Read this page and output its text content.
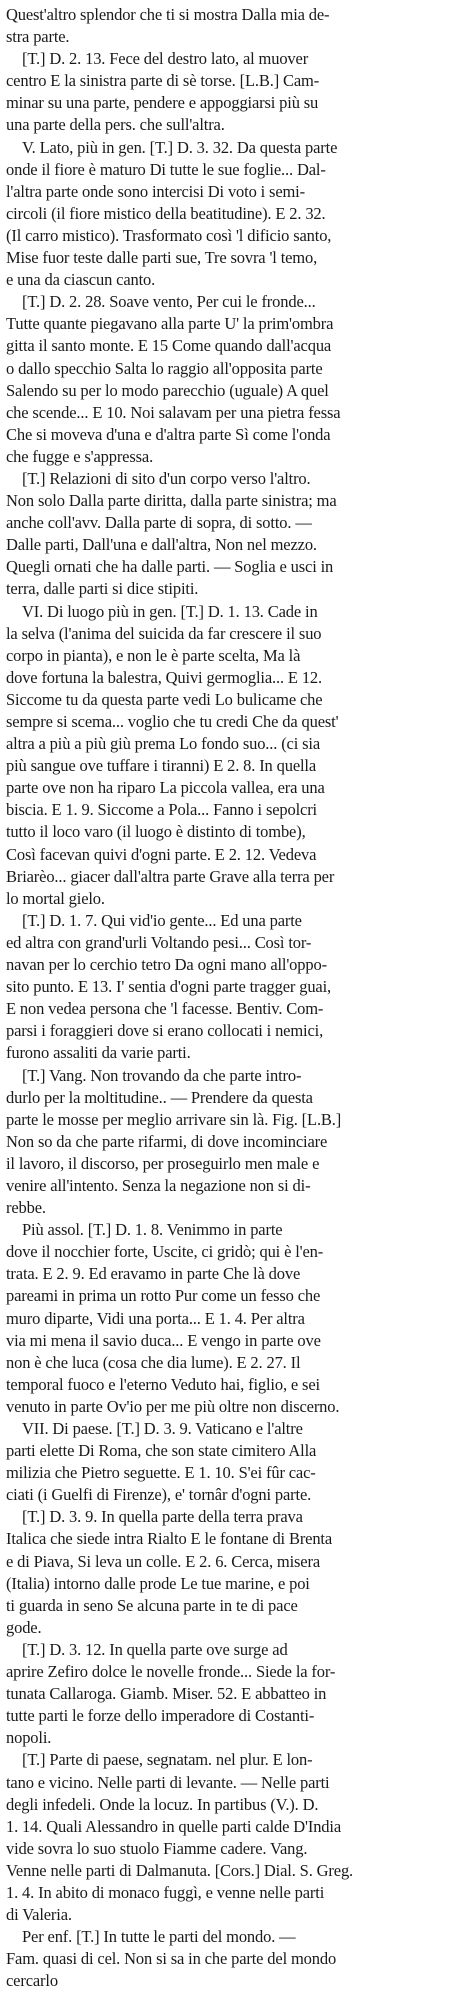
Quest'altro splendor che ti si mostra Dalla mia de-
stra parte.
[T.] D. 2. 13. Fece del destro lato, al muover
centro E la sinistra parte di sè torse. [L.B.] Cam-
minar su una parte, pendere e appoggiarsi più su
una parte della pers. che sull'altra.
V. Lato, più in gen. [T.] D. 3. 32. Da questa parte
onde il fiore è maturo Di tutte le sue foglie... Dal-
l'altra parte onde sono intercisi Di voto i semi-
circoli (il fiore mistico della beatitudine). E 2. 32.
(Il carro mistico). Trasformato così 'l dificio santo,
Mise fuor teste dalle parti sue, Tre sovra 'l temo,
e una da ciascun canto.
[T.] D. 2. 28. Soave vento, Per cui le fronde...
Tutte quante piegavano alla parte U' la prim'ombra
gitta il santo monte. E 15 Come quando dall'acqua
o dallo specchio Salta lo raggio all'opposita parte
Salendo su per lo modo parecchio (uguale) A quel
che scende... E 10. Noi salavam per una pietra fessa
Che si moveva d'una e d'altra parte Sì come l'onda
che fugge e s'appressa.
[T.] Relazioni di sito d'un corpo verso l'altro.
Non solo Dalla parte diritta, dalla parte sinistra; ma
anche coll'avv. Dalla parte di sopra, di sotto. —
Dalle parti, Dall'una e dall'altra, Non nel mezzo.
Quegli ornati che ha dalle parti. — Soglia e usci in
terra, dalle parti si dice stipiti.
VI. Di luogo più in gen. [T.] D. 1. 13. Cade in
la selva (l'anima del suicida da far crescere il suo
corpo in pianta), e non le è parte scelta, Ma là
dove fortuna la balestra, Quivi germoglia... E 12.
Siccome tu da questa parte vedi Lo bulicame che
sempre si scema... voglio che tu credi Che da quest'
altra a più a più giù prema Lo fondo suo... (ci sia
più sangue ove tuffare i tiranni) E 2. 8. In quella
parte ove non ha riparo La piccola vallea, era una
biscia. E 1. 9. Siccome a Pola... Fanno i sepolcri
tutto il loco varo (il luogo è distinto di tombe),
Così facevan quivi d'ogni parte. E 2. 12. Vedeva
Briarèo... giacer dall'altra parte Grave alla terra per
lo mortal gielo.
[T.] D. 1. 7. Qui vid'io gente... Ed una parte
ed altra con grand'urli Voltando pesi... Così tor-
navan per lo cerchio tetro Da ogni mano all'oppo-
sito punto. E 13. I' sentia d'ogni parte tragger guai,
E non vedea persona che 'l facesse. Bentiv. Com-
parsi i foraggieri dove si erano collocati i nemici,
furono assaliti da varie parti.
[T.] Vang. Non trovando da che parte intro-
durlo per la moltitudine.. — Prendere da questa
parte le mosse per meglio arrivare sin là. Fig. [L.B.]
Non so da che parte rifarmi, di dove incominciare
il lavoro, il discorso, per proseguirlo men male e
venire all'intento. Senza la negazione non si di-
rebbe.
Più assol. [T.] D. 1. 8. Venimmo in parte
dove il nocchier forte, Uscite, ci gridò; qui è l'en-
trata. E 2. 9. Ed eravamo in parte Che là dove
pareami in prima un rotto Pur come un fesso che
muro diparte, Vidi una porta... E 1. 4. Per altra
via mi mena il savio duca... E vengo in parte ove
non è che luca (cosa che dia lume). E 2. 27. Il
temporal fuoco e l'eterno Veduto hai, figlio, e sei
venuto in parte Ov'io per me più oltre non discerno.
VII. Di paese. [T.] D. 3. 9. Vaticano e l'altre
parti elette Di Roma, che son state cimitero Alla
milizia che Pietro seguette. E 1. 10. S'ei fûr cac-
ciati (i Guelfi di Firenze), e' tornâr d'ogni parte.
[T.] D. 3. 9. In quella parte della terra prava
Italica che siede intra Rialto E le fontane di Brenta
e di Piava, Si leva un colle. E 2. 6. Cerca, misera
(Italia) intorno dalle prode Le tue marine, e poi
ti guarda in seno Se alcuna parte in te di pace
gode.
[T.] D. 3. 12. In quella parte ove surge ad
aprire Zefiro dolce le novelle fronde... Siede la for-
tunata Callaroga. Giamb. Miser. 52. E abbatteo in
tutte parti le forze dello imperadore di Costanti-
nopoli.
[T.] Parte di paese, segnatam. nel plur. E lon-
tano e vicino. Nelle parti di levante. — Nelle parti
degli infedeli. Onde la locuz. In partibus (V.). D.
1. 14. Quali Alessandro in quelle parti calde D'India
vide sovra lo suo stuolo Fiamme cadere. Vang.
Venne nelle parti di Dalmanuta. [Cors.] Dial. S. Greg.
1. 4. In abito di monaco fuggì, e venne nelle parti
di Valeria.
Per enf. [T.] In tutte le parti del mondo. —
Fam. quasi di cel. Non si sa in che parte del mondo
cercarlo
